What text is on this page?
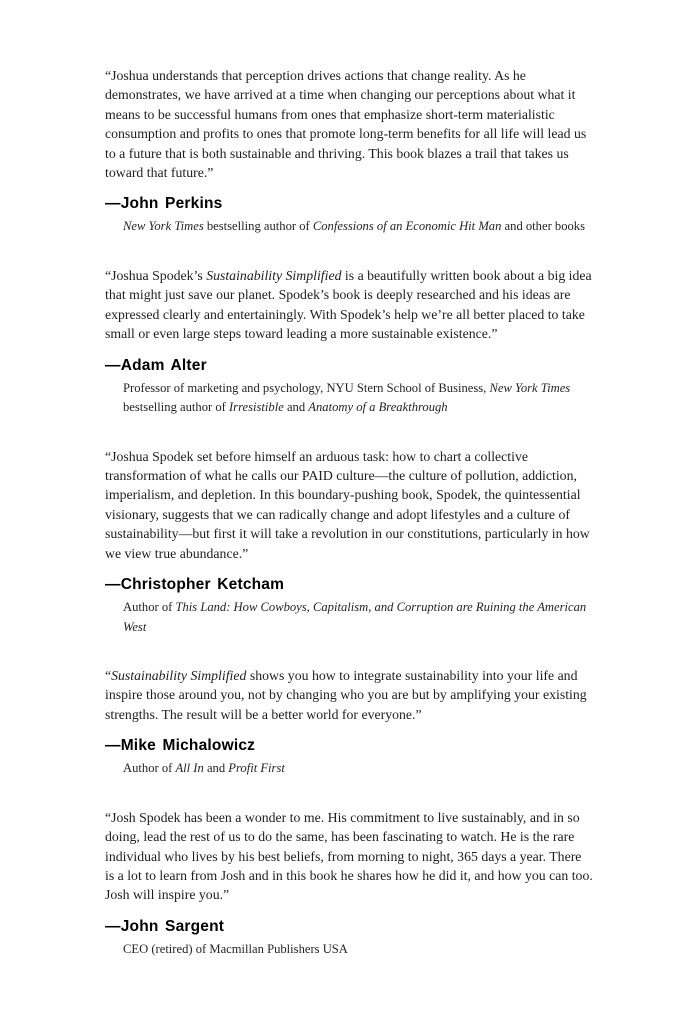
“Joshua understands that perception drives actions that change reality. As he demonstrates, we have arrived at a time when changing our perceptions about what it means to be successful humans from ones that emphasize short-term materialistic consumption and profits to ones that promote long-term benefits for all life will lead us to a future that is both sustainable and thriving. This book blazes a trail that takes us toward that future.”

—John Perkins

New York Times bestselling author of Confessions of an Economic Hit Man and other books

“Joshua Spodek’s Sustainability Simplified is a beautifully written book about a big idea that might just save our planet. Spodek’s book is deeply researched and his ideas are expressed clearly and entertainingly. With Spodek’s help we’re all better placed to take small or even large steps toward leading a more sustainable existence.”

—Adam Alter

Professor of marketing and psychology, NYU Stern School of Business, New York Times bestselling author of Irresistible and Anatomy of a Breakthrough

“Joshua Spodek set before himself an arduous task: how to chart a collective transformation of what he calls our PAID culture—the culture of pollution, addiction, imperialism, and depletion. In this boundary-pushing book, Spodek, the quintessential visionary, suggests that we can radically change and adopt lifestyles and a culture of sustainability—but first it will take a revolution in our constitutions, particularly in how we view true abundance.”

—Christopher Ketcham

Author of This Land: How Cowboys, Capitalism, and Corruption are Ruining the American West

“Sustainability Simplified shows you how to integrate sustainability into your life and inspire those around you, not by changing who you are but by amplifying your existing strengths. The result will be a better world for everyone.”

—Mike Michalowicz

Author of All In and Profit First

“Josh Spodek has been a wonder to me. His commitment to live sustainably, and in so doing, lead the rest of us to do the same, has been fascinating to watch. He is the rare individual who lives by his best beliefs, from morning to night, 365 days a year. There is a lot to learn from Josh and in this book he shares how he did it, and how you can too. Josh will inspire you.”

—John Sargent

CEO (retired) of Macmillan Publishers USA
